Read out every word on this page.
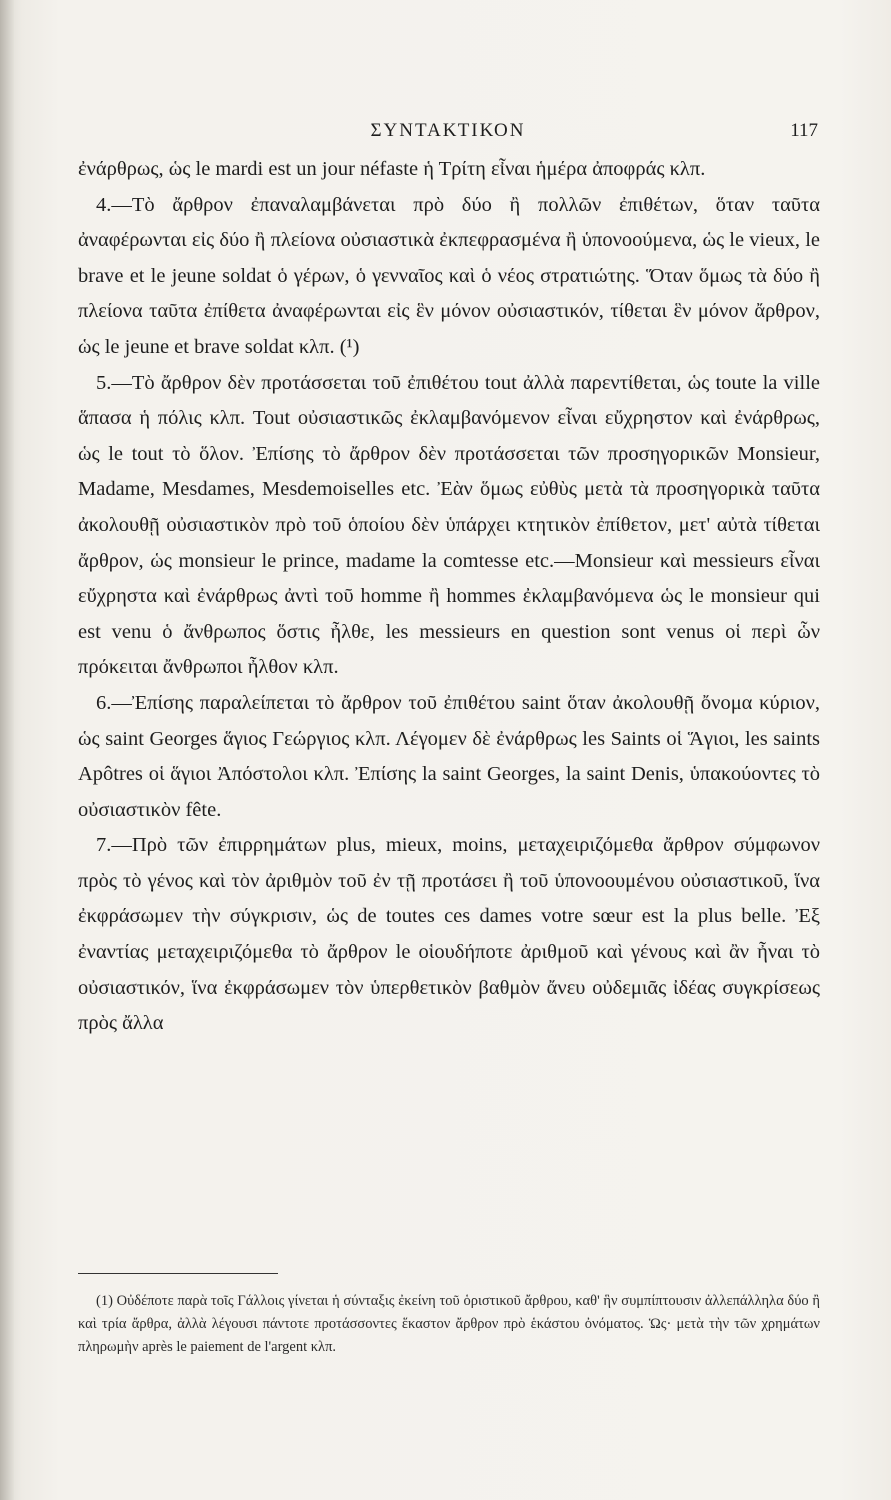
ΣΥΝΤΑΚΤΙΚΟΝ	117

ἐνάρθρως, ὡς le mardi est un jour néfaste ἡ Τρίτη εἶναι ἡμέρα ἀποφράς κλπ.

4.—Τὸ ἄρθρον ἐπαναλαμβάνεται πρὸ δύο ἢ πολλῶν ἐπιθέτων, ὅταν ταῦτα ἀναφέρωνται εἰς δύο ἢ πλείονα οὐσιαστικὰ ἐκπεφρασμένα ἢ ὑπονοούμενα, ὡς le vieux, le brave et le jeune soldat ὁ γέρων, ὁ γενναῖος καὶ ὁ νέος στρατιώτης. Ὅταν ὅμως τὰ δύο ἢ πλείονα ταῦτα ἐπίθετα ἀναφέρωνται εἰς ἓν μόνον οὐσιαστικόν, τίθεται ἓν μόνον ἄρθρον, ὡς le jeune et brave soldat κλπ. (¹)

5.—Τὸ ἄρθρον δὲν προτάσσεται τοῦ ἐπιθέτου tout ἀλλὰ παρεντίθεται, ὡς toute la ville ἅπασα ἡ πόλις κλπ. Tout οὐσιαστικῶς ἐκλαμβανόμενον εἶναι εὔχρηστον καὶ ἐνάρθρως, ὡς le tout τὸ ὅλον. Ἐπίσης τὸ ἄρθρον δὲν προτάσσεται τῶν προσηγορικῶν Monsieur, Madame, Mesdames, Mesdemoiselles etc. Ἐὰν ὅμως εὐθὺς μετὰ τὰ προσηγορικὰ ταῦτα ἀκολουθῇ οὐσιαστικὸν πρὸ τοῦ ὁποίου δὲν ὑπάρχει κτητικὸν ἐπίθετον, μετ' αὐτὰ τίθεται ἄρθρον, ὡς monsieur le prince, madame la comtesse etc.—Monsieur καὶ messieurs εἶναι εὔχρηστα καὶ ἐνάρθρως ἀντὶ τοῦ homme ἢ hommes ἐκλαμβανόμενα ὡς le monsieur qui est venu ὁ ἄνθρωπος ὅστις ἦλθε, les messieurs en question sont venus οἱ περὶ ὧν πρόκειται ἄνθρωποι ἦλθον κλπ.

6.—Ἐπίσης παραλείπεται τὸ ἄρθρον τοῦ ἐπιθέτου saint ὅταν ἀκολουθῇ ὄνομα κύριον, ὡς saint Georges ἅγιος Γεώργιος κλπ. Λέγομεν δὲ ἐνάρθρως les Saints οἱ Ἅγιοι, les saints Apôtres οἱ ἅγιοι Ἀπόστολοι κλπ. Ἐπίσης la saint Georges, la saint Denis, ὑπακούοντες τὸ οὐσιαστικὸν fête.

7.—Πρὸ τῶν ἐπιρρημάτων plus, mieux, moins, μεταχειριζόμεθα ἄρθρον σύμφωνον πρὸς τὸ γένος καὶ τὸν ἀριθμὸν τοῦ ἐν τῇ προτάσει ἢ τοῦ ὑπονοουμένου οὐσιαστικοῦ, ἵνα ἐκφράσωμεν τὴν σύγκρισιν, ὡς de toutes ces dames votre sœur est la plus belle. Ἐξ ἐναντίας μεταχειριζόμεθα τὸ ἄρθρον le οἱουδήποτε ἀριθμοῦ καὶ γένους καὶ ἂν ἦναι τὸ οὐσιαστικόν, ἵνα ἐκφράσωμεν τὸν ὑπερθετικὸν βαθμὸν ἄνευ οὐδεμιᾶς ἰδέας συγκρίσεως πρὸς ἄλλα

(1) Οὐδέποτε παρὰ τοῖς Γάλλοις γίνεται ἡ σύνταξις ἐκείνη τοῦ ὁριστικοῦ ἄρθρου, καθ' ἣν συμπίπτουσιν ἀλλεπάλληλα δύο ἢ καὶ τρία ἄρθρα, ἀλλὰ λέγουσι πάντοτε προτάσσοντες ἕκαστον ἄρθρον πρὸ ἑκάστου ὀνόματος. Ὡς· μετὰ τὴν τῶν χρημάτων πληρωμὴν après le paiement de l'argent κλπ.
